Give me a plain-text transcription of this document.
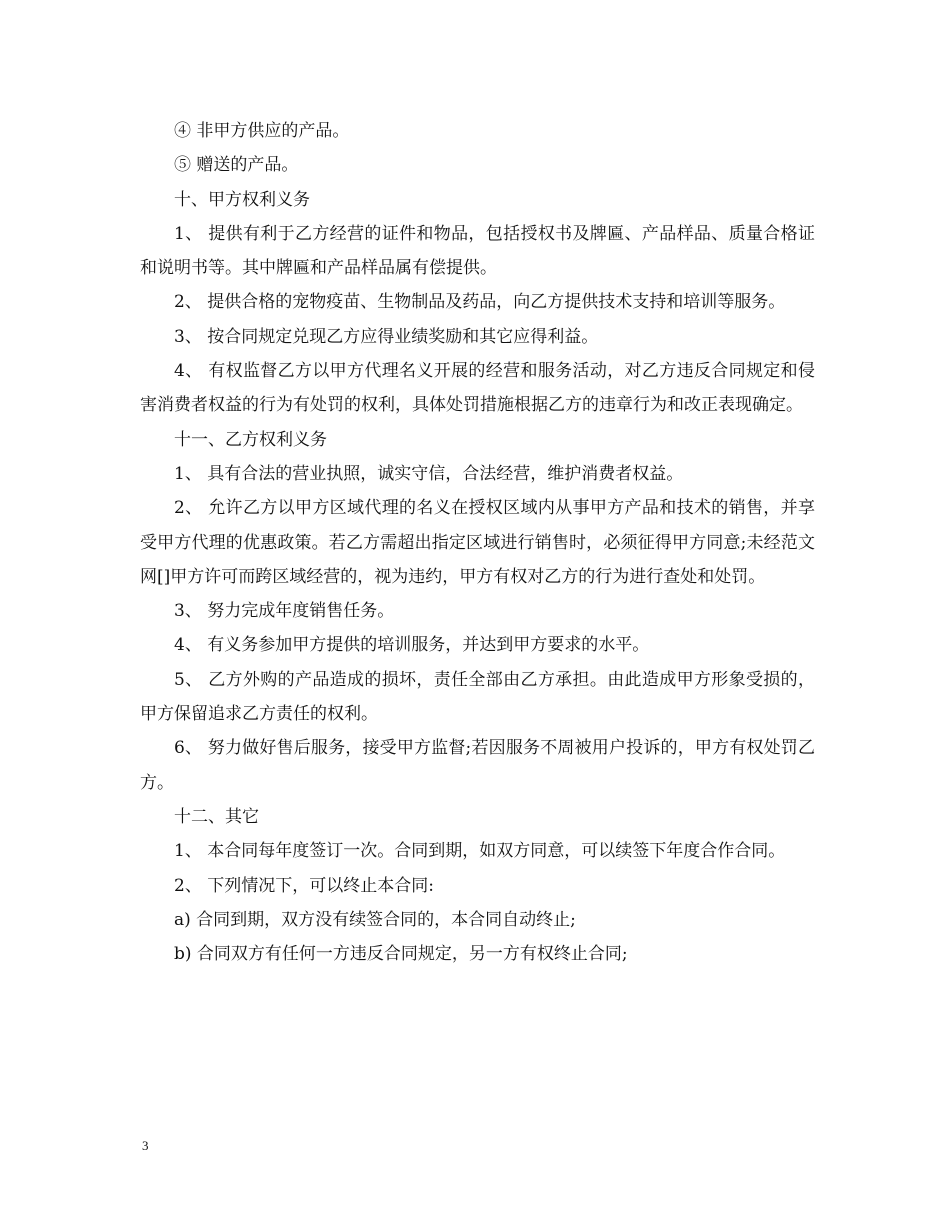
④ 非甲方供应的产品。

⑤ 赠送的产品。

十、甲方权利义务

1、 提供有利于乙方经营的证件和物品，包括授权书及牌匾、产品样品、质量合格证和说明书等。其中牌匾和产品样品属有偿提供。

2、 提供合格的宠物疫苗、生物制品及药品，向乙方提供技术支持和培训等服务。

3、 按合同规定兑现乙方应得业绩奖励和其它应得利益。

4、 有权监督乙方以甲方代理名义开展的经营和服务活动，对乙方违反合同规定和侵害消费者权益的行为有处罚的权利，具体处罚措施根据乙方的违章行为和改正表现确定。

十一、乙方权利义务

1、 具有合法的营业执照，诚实守信，合法经营，维护消费者权益。

2、 允许乙方以甲方区域代理的名义在授权区域内从事甲方产品和技术的销售，并享受甲方代理的优惠政策。若乙方需超出指定区域进行销售时，必须征得甲方同意;未经范文网[]甲方许可而跨区域经营的，视为违约，甲方有权对乙方的行为进行查处和处罚。

3、 努力完成年度销售任务。

4、 有义务参加甲方提供的培训服务，并达到甲方要求的水平。

5、 乙方外购的产品造成的损坏，责任全部由乙方承担。由此造成甲方形象受损的，甲方保留追求乙方责任的权利。

6、 努力做好售后服务，接受甲方监督;若因服务不周被用户投诉的，甲方有权处罚乙方。

十二、其它

1、 本合同每年度签订一次。合同到期，如双方同意，可以续签下年度合作合同。

2、 下列情况下，可以终止本合同:

a) 合同到期，双方没有续签合同的，本合同自动终止;

b) 合同双方有任何一方违反合同规定，另一方有权终止合同;

3
